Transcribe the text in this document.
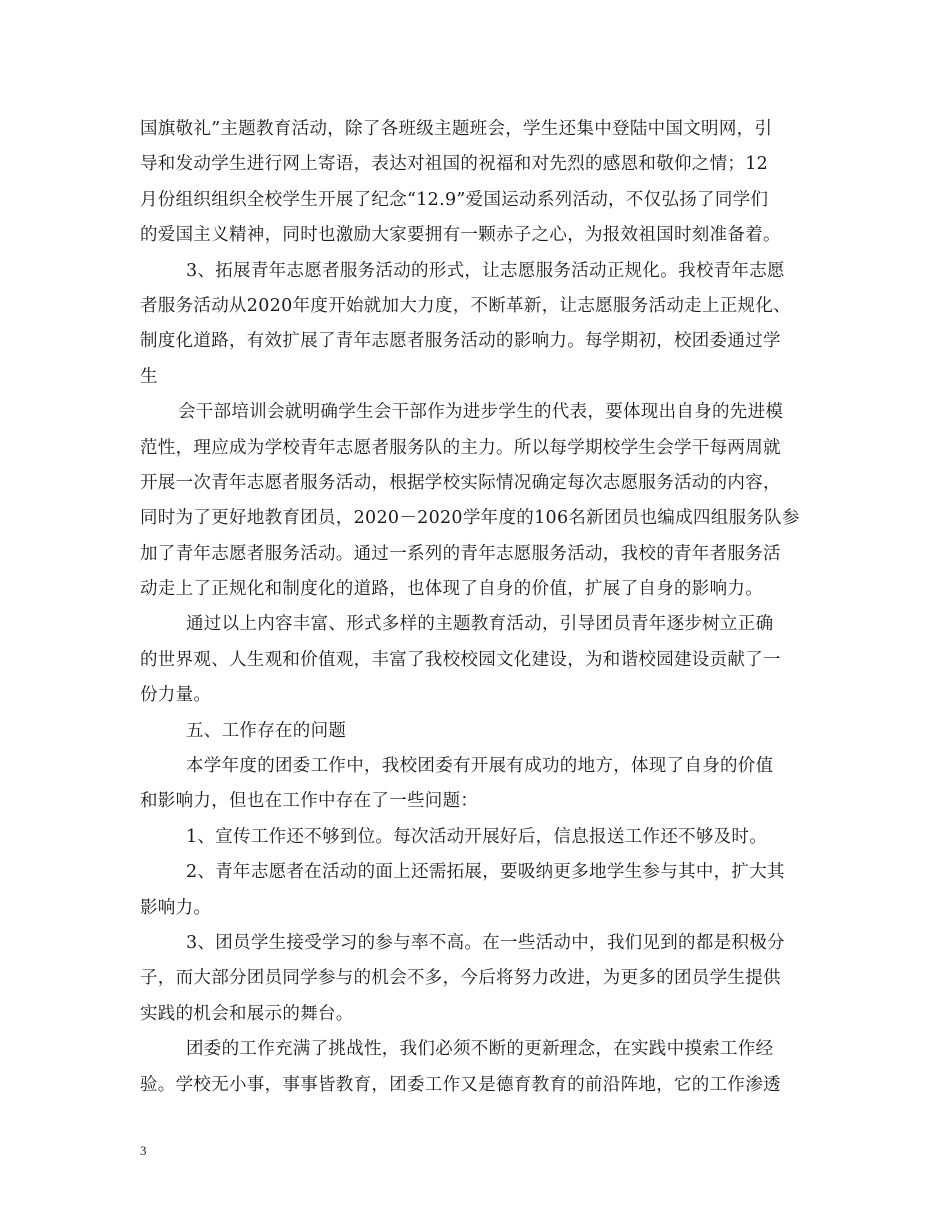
国旗敬礼”主题教育活动，除了各班级主题班会，学生还集中登陆中国文明网，引
导和发动学生进行网上寄语，表达对祖国的祝福和对先烈的感恩和敬仰之情；12
月份组织组织全校学生开展了纪念“12.9”爱国运动系列活动，不仅弘扬了同学们
的爱国主义精神，同时也激励大家要拥有一颗赤子之心，为报效祖国时刻准备着。
3、拓展青年志愿者服务活动的形式，让志愿服务活动正规化。我校青年志愿
者服务活动从2020年度开始就加大力度，不断革新，让志愿服务活动走上正规化、
制度化道路，有效扩展了青年志愿者服务活动的影响力。每学期初，校团委通过学
生
会干部培训会就明确学生会干部作为进步学生的代表，要体现出自身的先进模
范性，理应成为学校青年志愿者服务队的主力。所以每学期校学生会学干每两周就
开展一次青年志愿者服务活动，根据学校实际情况确定每次志愿服务活动的内容，
同时为了更好地教育团员，2020－2020学年度的106名新团员也编成四组服务队参
加了青年志愿者服务活动。通过一系列的青年志愿服务活动，我校的青年者服务活
动走上了正规化和制度化的道路，也体现了自身的价值，扩展了自身的影响力。
通过以上内容丰富、形式多样的主题教育活动，引导团员青年逐步树立正确
的世界观、人生观和价值观，丰富了我校校园文化建设，为和谐校园建设贡献了一
份力量。
五、工作存在的问题
本学年度的团委工作中，我校团委有开展有成功的地方，体现了自身的价值
和影响力，但也在工作中存在了一些问题：
1、宣传工作还不够到位。每次活动开展好后，信息报送工作还不够及时。
2、青年志愿者在活动的面上还需拓展，要吸纳更多地学生参与其中，扩大其
影响力。
3、团员学生接受学习的参与率不高。在一些活动中，我们见到的都是积极分
子，而大部分团员同学参与的机会不多，今后将努力改进，为更多的团员学生提供
实践的机会和展示的舞台。
团委的工作充满了挑战性，我们必须不断的更新理念，在实践中摸索工作经
验。学校无小事，事事皆教育，团委工作又是德育教育的前沿阵地，它的工作渗透
3
